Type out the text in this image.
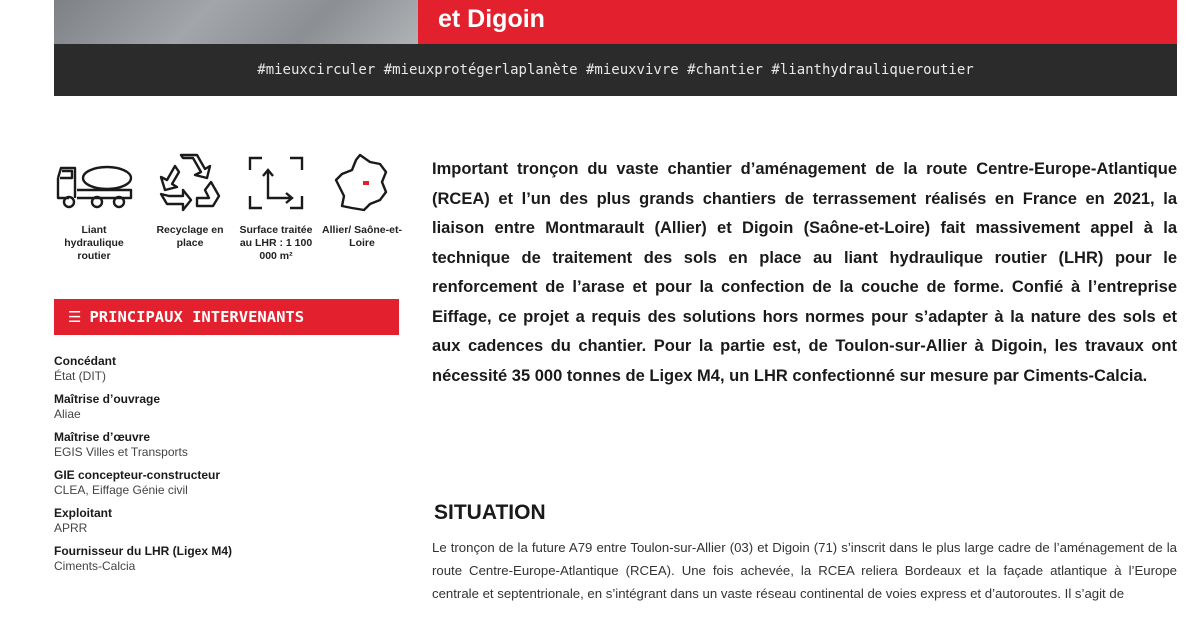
et Digoin
#mieuxcirculer #mieuxprotégerlaplanète #mieuxvivre #chantier #lianthydrauliqueroutier
Liant hydraulique routier
Recyclage en place
Surface traitée au LHR : 1 100 000 m²
Allier/ Saône-et-Loire
☰ PRINCIPAUX INTERVENANTS
Concédant
État (DIT)
Maîtrise d’ouvrage
Aliae
Maîtrise d’œuvre
EGIS Villes et Transports
GIE concepteur-constructeur
CLEA, Eiffage Génie civil
Exploitant
APRR
Fournisseur du LHR (Ligex M4)
Ciments-Calcia
Important tronçon du vaste chantier d’aménagement de la route Centre-Europe-Atlantique (RCEA) et l’un des plus grands chantiers de terrassement réalisés en France en 2021, la liaison entre Montmarault (Allier) et Digoin (Saône-et-Loire) fait massivement appel à la technique de traitement des sols en place au liant hydraulique routier (LHR) pour le renforcement de l’arase et pour la confection de la couche de forme. Confié à l’entreprise Eiffage, ce projet a requis des solutions hors normes pour s’adapter à la nature des sols et aux cadences du chantier. Pour la partie est, de Toulon-sur-Allier à Digoin, les travaux ont nécessité 35 000 tonnes de Ligex M4, un LHR confectionné sur mesure par Ciments-Calcia.
SITUATION
Le tronçon de la future A79 entre Toulon-sur-Allier (03) et Digoin (71) s’inscrit dans le plus large cadre de l’aménagement de la route Centre-Europe-Atlantique (RCEA). Une fois achevée, la RCEA reliera Bordeaux et la façade atlantique à l’Europe centrale et septentrionale, en s’intégrant dans un vaste réseau continental de voies express et d’autoroutes. Il s’agit de
